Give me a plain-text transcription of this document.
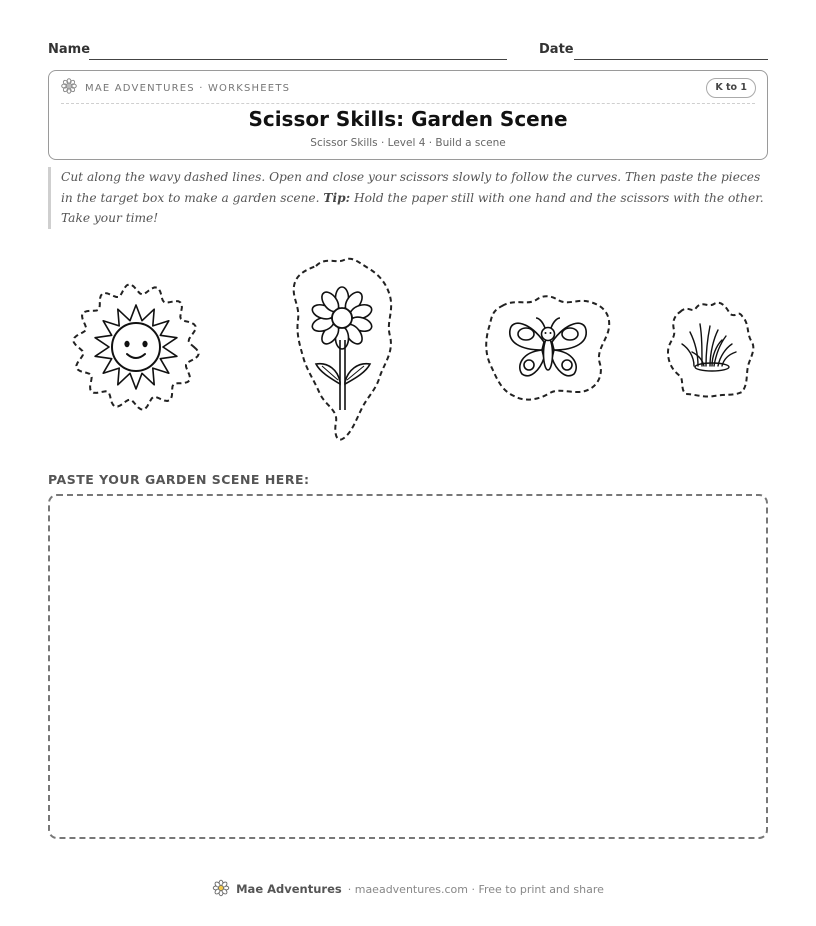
Name	Date
MAE ADVENTURES · WORKSHEETS	K to 1
Scissor Skills: Garden Scene
Scissor Skills · Level 4 · Build a scene
Cut along the wavy dashed lines. Open and close your scissors slowly to follow the curves. Then paste the pieces in the target box to make a garden scene. Tip: Hold the paper still with one hand and the scissors with the other. Take your time!
PASTE YOUR GARDEN SCENE HERE:
Mae Adventures · maeadventures.com · Free to print and share
